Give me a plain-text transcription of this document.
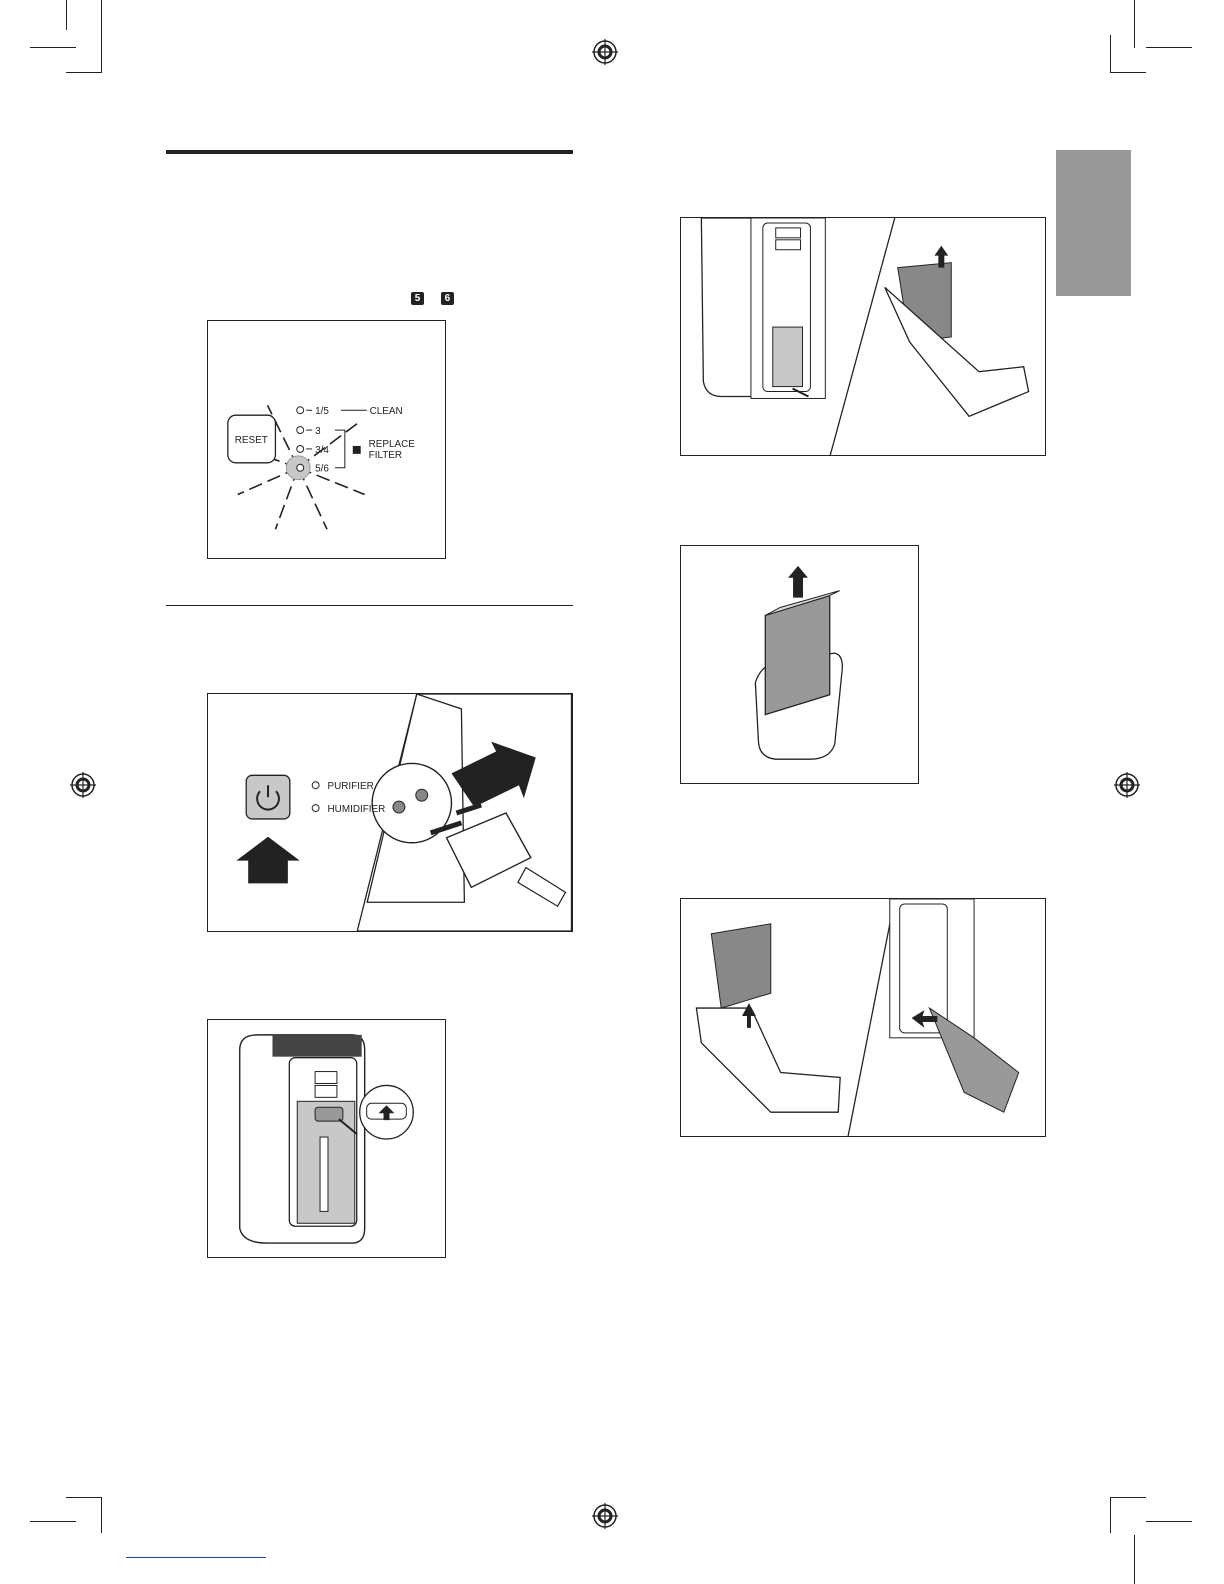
5 6
RESET
1/5
3
3/4
5/6
CLEAN
REPLACE
FILTER
PURIFIER
HUMIDIFIER
